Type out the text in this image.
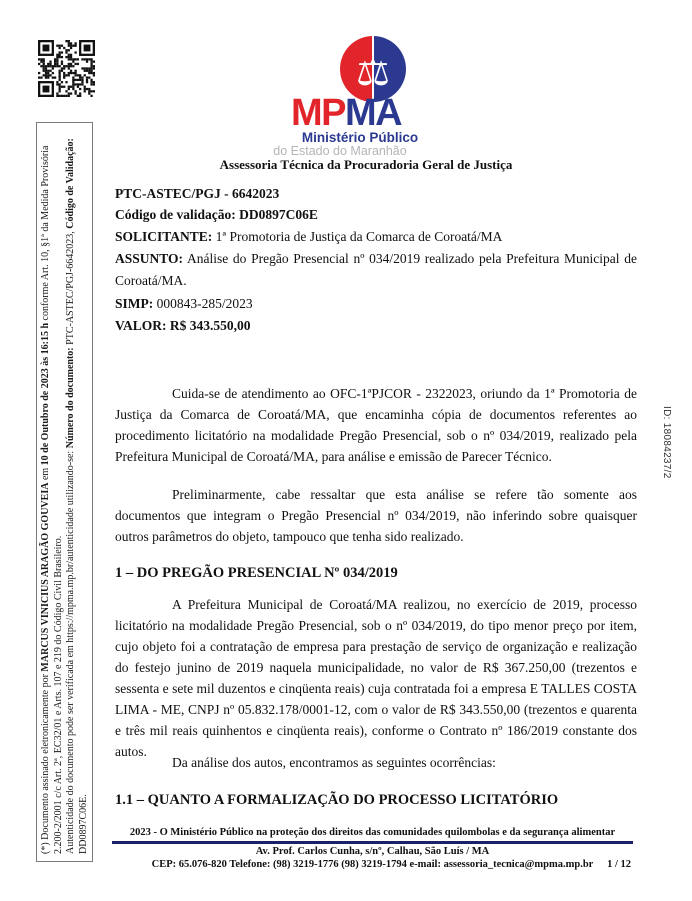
(*) Documento assinado eletronicamente por MARCUS VINICIUS ARAGÃO GOUVEIA em 10 de Outubro de 2023 às 16:15 h conforme Art. 10, §1ª da Medida Provisória 2.200-2/2001 c/c Art. 2ª, EC32/01 e Arts. 107 e 219 do Código Civil Brasileiro. Autenticidade do documento pode ser verificada em https://mpma.mp.br/autenticidade utilizando-se: Número do documento: PTC-ASTEC/PGJ-6642023, Código de Validação: DD0897C06E.
ID: 18084237/2
⚖
MPMA
Ministério Público
do Estado do Maranhão
Assessoria Técnica da Procuradoria Geral de Justiça
PTC-ASTEC/PGJ - 6642023
Código de validação: DD0897C06E
SOLICITANTE: 1ª Promotoria de Justiça da Comarca de Coroatá/MA
ASSUNTO: Análise do Pregão Presencial nº 034/2019 realizado pela Prefeitura Municipal de Coroatá/MA.
SIMP: 000843-285/2023
VALOR: R$ 343.550,00
Cuida-se de atendimento ao OFC-1ªPJCOR - 2322023, oriundo da 1ª Promotoria de Justiça da Comarca de Coroatá/MA, que encaminha cópia de documentos referentes ao procedimento licitatório na modalidade Pregão Presencial, sob o nº 034/2019, realizado pela Prefeitura Municipal de Coroatá/MA, para análise e emissão de Parecer Técnico.
Preliminarmente, cabe ressaltar que esta análise se refere tão somente aos documentos que integram o Pregão Presencial nº 034/2019, não inferindo sobre quaisquer outros parâmetros do objeto, tampouco que tenha sido realizado.
1 – DO PREGÃO PRESENCIAL Nº 034/2019
A Prefeitura Municipal de Coroatá/MA realizou, no exercício de 2019, processo licitatório na modalidade Pregão Presencial, sob o nº 034/2019, do tipo menor preço por item, cujo objeto foi a contratação de empresa para prestação de serviço de organização e realização do festejo junino de 2019 naquela municipalidade, no valor de R$ 367.250,00 (trezentos e sessenta e sete mil duzentos e cinqüenta reais) cuja contratada foi a empresa E TALLES COSTA LIMA - ME, CNPJ nº 05.832.178/0001-12, com o valor de R$ 343.550,00 (trezentos e quarenta e três mil reais quinhentos e cinqüenta reais), conforme o Contrato nº 186/2019 constante dos autos.
Da análise dos autos, encontramos as seguintes ocorrências:
1.1 – QUANTO A FORMALIZAÇÃO DO PROCESSO LICITATÓRIO
2023 - O Ministério Público na proteção dos direitos das comunidades quilombolas e da segurança alimentar
Av. Prof. Carlos Cunha, s/nº, Calhau, São Luís / MA
CEP: 65.076-820 Telefone: (98) 3219-1776 (98) 3219-1794 e-mail: assessoria_tecnica@mpma.mp.br 1 / 12
